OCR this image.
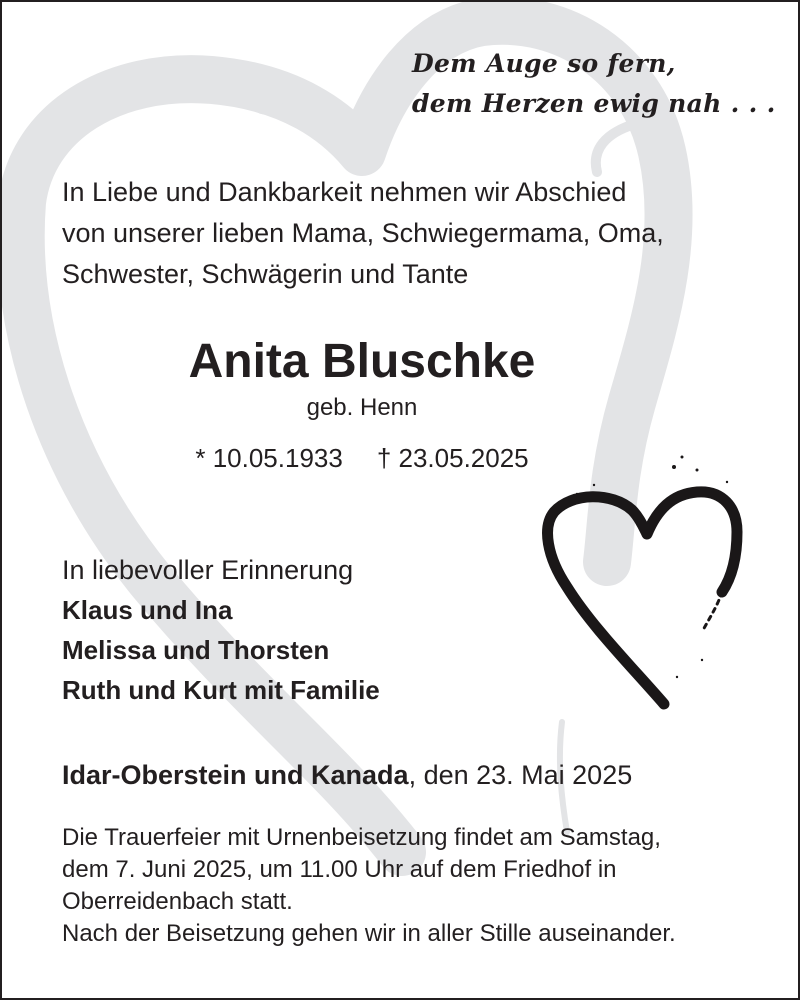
Dem Auge so fern,
dem Herzen ewig nah . . .
In Liebe und Dankbarkeit nehmen wir Abschied
von unserer lieben Mama, Schwiegermama, Oma,
Schwester, Schwägerin und Tante
Anita Bluschke
geb. Henn
* 10.05.1933 † 23.05.2025
In liebevoller Erinnerung
Klaus und Ina
Melissa und Thorsten
Ruth und Kurt mit Familie
Idar-Oberstein und Kanada, den 23. Mai 2025
Die Trauerfeier mit Urnenbeisetzung findet am Samstag,
dem 7. Juni 2025, um 11.00 Uhr auf dem Friedhof in
Oberreidenbach statt.
Nach der Beisetzung gehen wir in aller Stille auseinander.
